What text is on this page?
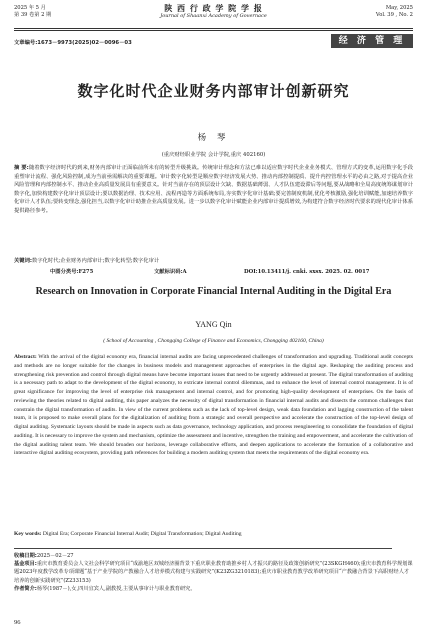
2025 年 5 月
第 39 卷第 2 期
陕 西 行 政 学 院 学 报
Journal of Shaanxi Academy of Governace
May, 2025
Vol. 39 , No. 2
文章编号:1673－9973(2025)02－0096－03	经 济 管 理
数字化时代企业财务内部审计创新研究
杨 琴
(重庆财经职业学院 会计学院,重庆 402160)
摘 要:随着数字经济时代的到来,财务内部审计正面临前所未有的转型升级挑战。传统审计理念和方法已难以适应数字时代企业业务模式、管理方式的变革,运用数字化手段重塑审计流程、强化风险控制,成为当前亟需解决的重要课题。审计数字化转型是顺应数字经济发展大势、推动内部控制提质、提升内控管理水平的必由之路,对于提高企业风险管理和内部控制水平、推动企业高质量发展具有重要意义。针对当前存在的顶层设计欠缺、数据基础薄弱、人才队伍建设滞后等问题,要从战略和全局高度统筹谋划审计数字化,加快构建数字化审计顶层设计;要以数据治理、技术应用、流程再造等方面系统布局,夯实数字化审计基础;要完善制度机制,优化考核激励,强化培训赋能,加速培养数字化审计人才队伍;要转变理念,强化担当,以数字化审计助推企业高质量发展。进一步以数字化审计赋能企业内部审计提质增效,为构建符合数字经济时代要求的现代化审计体系提供路径参考。
关键词:数字化时代;企业财务内部审计;数字化转型;数字化审计
中图分类号:F275	文献标识码:A	DOI:10.13411/j. cnki. sxsx. 2025. 02. 0017
Research on Innovation in Corporate Financial Internal Auditing in the Digital Era
YANG Qin
( School of Accounting , Chongqing College of Finance and Economics, Chongqing 402160, China)
Abstract: With the arrival of the digital economy era, financial internal audits are facing unprecedented challenges of transformation and upgrading. Traditional audit concepts and methods are no longer suitable for the changes in business models and management approaches of enterprises in the digital age. Reshaping the auditing process and strengthening risk prevention and control through digital means have become important issues that need to be urgently addressed at present. The digital transformation of auditing is a necessary path to adapt to the development of the digital economy, to extricate internal control dilemmas, and to enhance the level of internal control management. It is of great significance for improving the level of enterprise risk management and internal control, and for promoting high-quality development of enterprises. On the basis of reviewing the theories related to digital auditing, this paper analyzes the necessity of digital transformation in financial internal audits and dissects the common challenges that constrain the digital transformation of audits. In view of the current problems such as the lack of top-level design, weak data foundation and lagging construction of the talent team, it is proposed to make overall plans for the digitalization of auditing from a strategic and overall perspective and accelerate the construction of the top-level design of digital auditing. Systematic layouts should be made in aspects such as data governance, technology application, and process reengineering to consolidate the foundation of digital auditing. It is necessary to improve the system and mechanism, optimize the assessment and incentive, strengthen the training and empowerment, and accelerate the cultivation of the digital auditing talent team. We should broaden our horizons, leverage collaborative efforts, and deepen applications to accelerate the formation of a collaborative and interactive digital auditing ecosystem, providing path references for building a modern auditing system that meets the requirements of the digital economy era.
Key words: Digital Era; Corporate Financial Internal Audit; Digital Transformation; Digital Auditing
收稿日期:2025－02－27
基金项目:重庆市教育委员会人文社会科学研究项目“成渝地区双城经济圈背景下重庆职业教育助推乡村人才振兴的路径及政策创新研究”(23SKGH460);重庆市教育科学规划课题2023年度教学改革专项课题“基于产业学院的产教融合人才培养模式构建与实践研究”(K23ZG3210183);重庆市职业教育教学改革研究项目“产教融合背景下高职财经人才培养的创新实践研究”(Z233153)
作者简介:杨琴(1987－),女,四川宜宾人,副教授,主要从事审计与职业教育研究。
96
